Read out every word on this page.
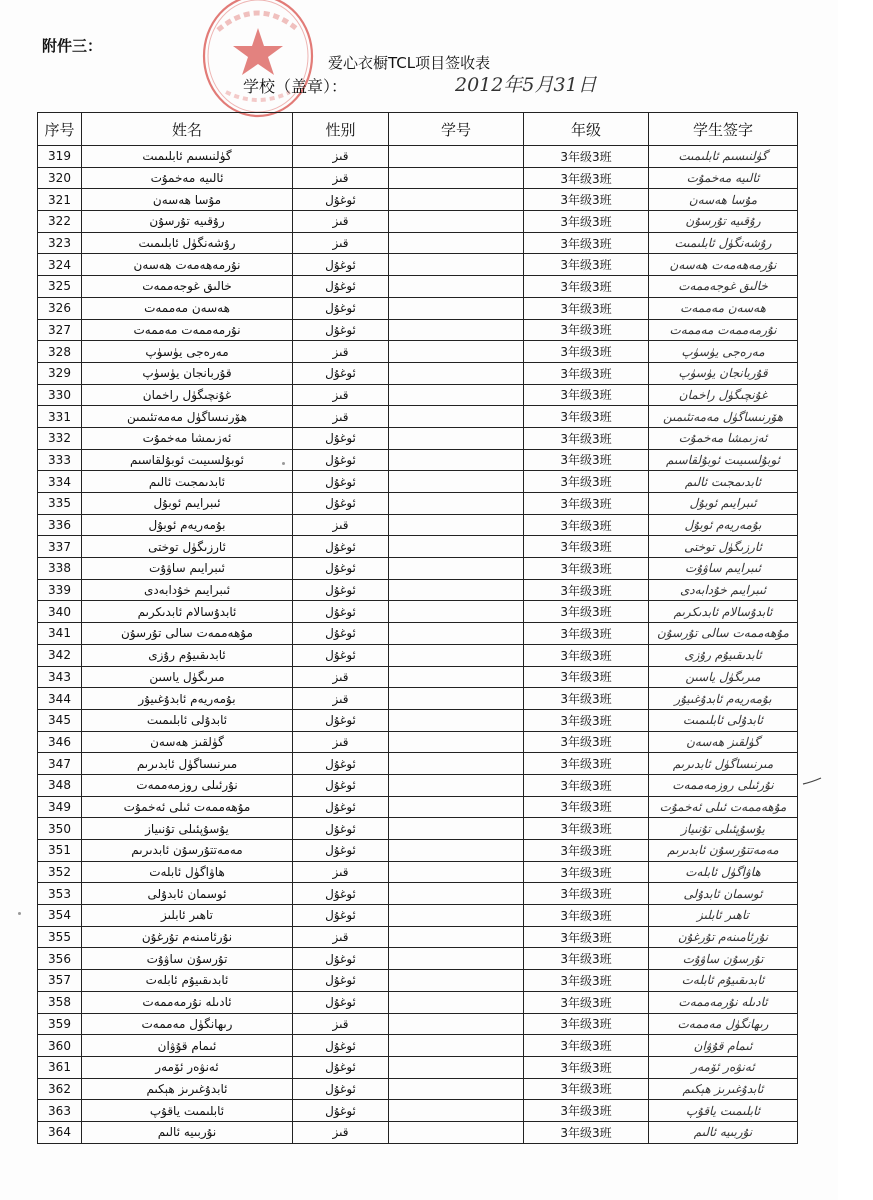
附件三：
爱心衣橱TCL项目签收表
学校（盖章）：	2012年5月31日
序号	姓名	性别	学号	年级	学生签字
319	گۈلنىسىم ئابلىمىت	قىز		3年级3班	گۈلنىسىم ئابلىمىت
320	ئالىيە مەخمۇت	قىز		3年级3班	ئالىيە مەخمۇت
321	مۇسا ھەسەن	ئوغۇل		3年级3班	مۇسا ھەسەن
322	رۇقىيە تۇرسۇن	قىز		3年级3班	رۇقىيە تۇرسۇن
323	رۇشەنگۈل ئابلىمىت	قىز		3年级3班	رۇشەنگۈل ئابلىمىت
324	نۇرمەھەمەت ھەسەن	ئوغۇل		3年级3班	نۇرمەھەمەت ھەسەن
325	خالىق غوجەممەت	ئوغۇل		3年级3班	خالىق غوجەممەت
326	ھەسەن مەممەت	ئوغۇل		3年级3班	ھەسەن مەممەت
327	نۇرمەممەت مەممەت	ئوغۇل		3年级3班	نۇرمەممەت مەممەت
328	مەرەجى يۈسۈپ	قىز		3年级3班	مەرەجى يۈسۈپ
329	قۇربانجان يۈسۈپ	ئوغۇل		3年级3班	قۇربانجان يۈسۈپ
330	غۇنچىگۈل راخمان	قىز		3年级3班	غۇنچىگۈل راخمان
331	ھۆرنىساگۈل مەمەتئىمىن	قىز		3年级3班	ھۆرنىساگۈل مەمەتئىمىن
332	ئەزىمشا مەخمۇت	ئوغۇل		3年级3班	ئەزىمشا مەخمۇت
333	ئوبۇلسىيىت ئوبۇلقاسىم	ئوغۇل		3年级3班	ئوبۇلسىيىت ئوبۇلقاسىم
334	ئابدىمجىت ئالىم	ئوغۇل		3年级3班	ئابدىمجىت ئالىم
335	ئىبرايىم ئوبۇل	ئوغۇل		3年级3班	ئىبرايىم ئوبۇل
336	بۇمەريەم ئوبۇل	قىز		3年级3班	بۇمەريەم ئوبۇل
337	ئارزىگۈل توختى	ئوغۇل		3年级3班	ئارزىگۈل توختى
338	ئىبرايىم ساۋۇت	ئوغۇل		3年级3班	ئىبرايىم ساۋۇت
339	ئىبرايىم خۇدابەدى	ئوغۇل		3年级3班	ئىبرايىم خۇدابەدى
340	ئابدۇسالام ئابدىكرىم	ئوغۇل		3年级3班	ئابدۇسالام ئابدىكرىم
341	مۇھەممەت سالى تۇرسۇن	ئوغۇل		3年级3班	مۇھەممەت سالى تۇرسۇن
342	ئابدىقىيۇم رۇزى	ئوغۇل		3年级3班	ئابدىقىيۇم رۇزى
343	مىرىگۈل ياسىن	قىز		3年级3班	مىرىگۈل ياسىن
344	بۇمەريەم ئابدۇغىيۇر	قىز		3年级3班	بۇمەريەم ئابدۇغىيۇر
345	ئابدۇلى ئابلىمىت	ئوغۇل		3年级3班	ئابدۇلى ئابلىمىت
346	گۈلقىز ھەسەن	قىز		3年级3班	گۈلقىز ھەسەن
347	مىرنىساگۈل ئابدىرىم	ئوغۇل		3年级3班	مىرنىساگۈل ئابدىرىم
348	نۇرئىلى روزمەممەت	ئوغۇل		3年级3班	نۇرئىلى روزمەممەت
349	مۇھەممەت ئىلى ئەخمۇت	ئوغۇل		3年级3班	مۇھەممەت ئىلى ئەخمۇت
350	يۇسۇپئىلى تۇنىياز	ئوغۇل		3年级3班	يۇسۇپئىلى تۇنىياز
351	مەمەتتۇرسۇن ئابدىرىم	ئوغۇل		3年级3班	مەمەتتۇرسۇن ئابدىرىم
352	ھاۋاگۈل ئابلەت	قىز		3年级3班	ھاۋاگۈل ئابلەت
353	ئوسمان ئابدۇلى	ئوغۇل		3年级3班	ئوسمان ئابدۇلى
354	تاھىر ئابلىز	ئوغۇل		3年级3班	تاھىر ئابلىز
355	نۇرئامىنەم تۇرغۇن	قىز		3年级3班	نۇرئامىنەم تۇرغۇن
356	تۇرسۇن ساۋۇت	ئوغۇل		3年级3班	تۇرسۇن ساۋۇت
357	ئابدىقىيۇم ئابلەت	ئوغۇل		3年级3班	ئابدىقىيۇم ئابلەت
358	ئادىلە نۇرمەممەت	ئوغۇل		3年级3班	ئادىلە نۇرمەممەت
359	رىھانگۈل مەممەت	قىز		3年级3班	رىھانگۈل مەممەت
360	ئىمام قۇۋان	ئوغۇل		3年级3班	ئىمام قۇۋان
361	ئەنۋەر ئۆمەر	ئوغۇل		3年级3班	ئەنۋەر ئۆمەر
362	ئابدۇغىرىز ھېكىم	ئوغۇل		3年级3班	ئابدۇغىرىز ھېكىم
363	ئابلىمىت ياقۇپ	ئوغۇل		3年级3班	ئابلىمىت ياقۇپ
364	نۇربىيە ئالىم	قىز		3年级3班	نۇربىيە ئالىم
